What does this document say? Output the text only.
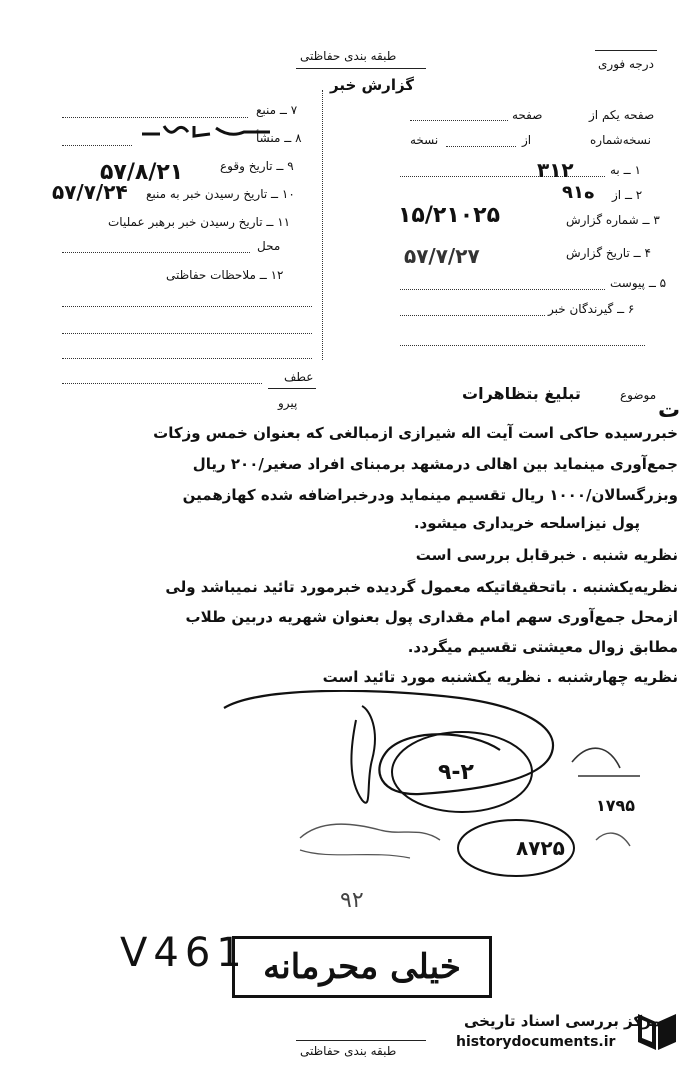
طبقه بندی حفاظتی
گزارش خبر
درجه فوری
۷ ــ منبع
۸ ــ منشأ
۹ ــ تاریخ وقوع
۱۰ ــ تاریخ رسیدن خبر به منبع
۱۱ ــ تاریخ رسیدن خبر برهبر عملیات
محل
۱۲ ــ ملاحظات حفاظتی
۵۷/۸/۲۱
۵۷/۷/۲۴
صفحه یکم از
صفحه
نسخه‌شماره
از
نسخه
۱ ــ به
۲ ــ از
۳ ــ شماره گزارش
۴ ــ تاریخ گزارش
۵ ــ پیوست
۶ ــ گیرندگان خبر
۳۱۲
۹ه۱
۱۵/۲۱۰۲۵
۵۷/۷/۲۷
عطف
پیرو
موضوع
تبلیغ بتظاهرات
ت
خبررسیده حاکی است آیت اله شیرازی ازمبالغی که بعنوان خمس وزکات
جمع‌آوری مینماید بین اهالی درمشهد برمبنای افراد صغیر/۲۰۰ ریال
وبزرگسالان/۱۰۰۰ ریال تقسیم مینماید ودرخبراضافه شده کهازهمین
پول نیزاسلحه خریداری میشود.
نظریه شنبه . خبرقابل بررسی است
نظریه‌یکشنبه . باتحقیقاتیکه معمول گردیده خبرمورد تائید نمیباشد ولی
ازمحل جمع‌آوری سهم امام مقداری پول بعنوان شهریه دربین طلاب
مطابق زوال معیشتی تقسیم میگردد.
نظریه چهارشنبه . نظریه یکشنبه مورد تائید است
۹-۲
۸۷۲۵
۱۷۹۵
۹۲
V461 خیلی محرمانه
مرکز بررسی اسناد تاریخی
historydocuments.ir
طبقه بندی حفاظتی
